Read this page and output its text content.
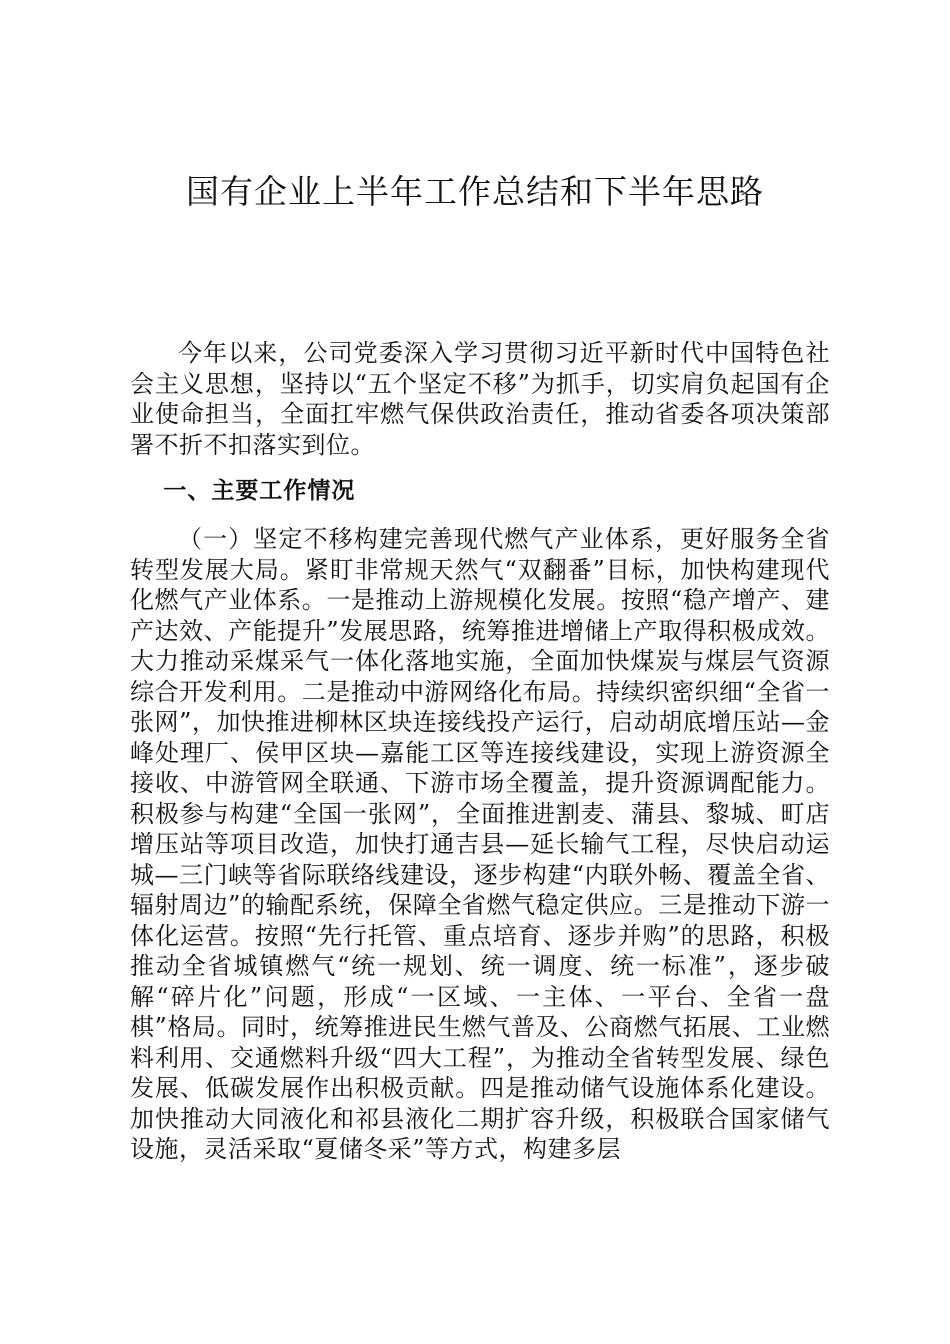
国有企业上半年工作总结和下半年思路

今年以来，公司党委深入学习贯彻习近平新时代中国特色社会主义思想，坚持以“五个坚定不移”为抓手，切实肩负起国有企业使命担当，全面扛牢燃气保供政治责任，推动省委各项决策部署不折不扣落实到位。

一、主要工作情况

（一）坚定不移构建完善现代燃气产业体系，更好服务全省转型发展大局。紧盯非常规天然气“双翻番”目标，加快构建现代化燃气产业体系。一是推动上游规模化发展。按照“稳产增产、建产达效、产能提升”发展思路，统筹推进增储上产取得积极成效。大力推动采煤采气一体化落地实施，全面加快煤炭与煤层气资源综合开发利用。二是推动中游网络化布局。持续织密织细“全省一张网”，加快推进柳林区块连接线投产运行，启动胡底增压站—金峰处理厂、侯甲区块—嘉能工区等连接线建设，实现上游资源全接收、中游管网全联通、下游市场全覆盖，提升资源调配能力。积极参与构建“全国一张网”，全面推进割麦、蒲县、黎城、町店增压站等项目改造，加快打通吉县—延长输气工程，尽快启动运城—三门峡等省际联络线建设，逐步构建“内联外畅、覆盖全省、辐射周边”的输配系统，保障全省燃气稳定供应。三是推动下游一体化运营。按照“先行托管、重点培育、逐步并购”的思路，积极推动全省城镇燃气“统一规划、统一调度、统一标准”，逐步破解“碎片化”问题，形成“一区域、一主体、一平台、全省一盘棋”格局。同时，统筹推进民生燃气普及、公商燃气拓展、工业燃料利用、交通燃料升级“四大工程”，为推动全省转型发展、绿色发展、低碳发展作出积极贡献。四是推动储气设施体系化建设。加快推动大同液化和祁县液化二期扩容升级，积极联合国家储气设施，灵活采取“夏储冬采”等方式，构建多层
